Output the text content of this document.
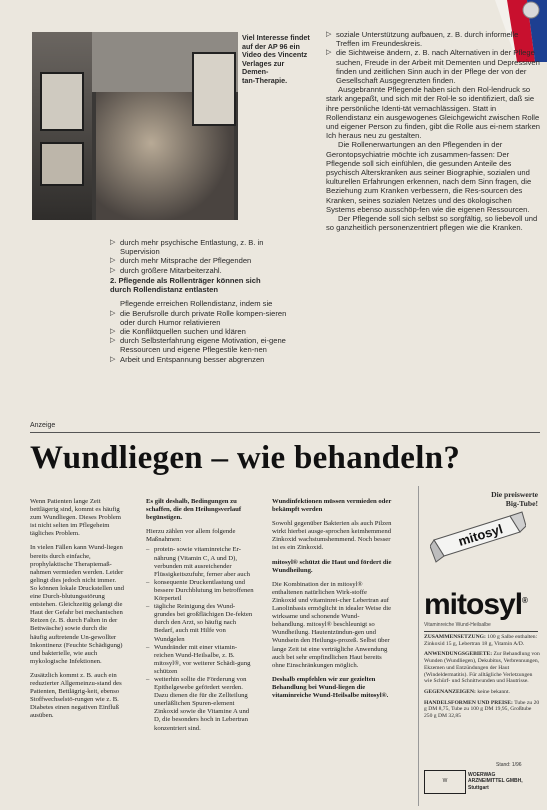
Viel Interesse findet

auf der AP 96 ein

Video des Vincentz

Verlages zur Demen-

tan-Therapie.

▷ durch mehr psychische Entlastung, z. B. in Supervision

▷ durch mehr Mitsprache der Pflegenden

▷ durch größere Mitarbeiterzahl.

2. Pflegende als Rollenträger können sich

durch Rollendistanz entlasten

Pflegende erreichen Rollendistanz, indem sie

▷ die Berufsrolle durch private Rolle kompen-sieren oder durch Humor relativieren

▷ die Konfliktquellen suchen und klären

▷ durch Selbsterfahrung eigene Motivation, ei-gene Ressourcen und eigene Pflegestile ken-nen

▷ Arbeit und Entspannung besser abgrenzen

▷ soziale Unterstützung aufbauen, z. B. durch informelle Treffen im Freundeskreis.

▷ die Sichtweise ändern, z. B. nach Alternativen in der Pflege suchen, Freude in der Arbeit mit Dementen und Depressiven finden und zeitlichen Sinn auch in der Pflege der von der Gesellschaft Ausgegrenzten finden.

Ausgebrannte Pflegende haben sich den Rol-lendruck so stark angepaßt, und sich mit der Rol-le so identifiziert, daß sie ihre persönliche Identi-tät vernachlässigen. Statt in Rollendistanz ein ausgewogenes Gleichgewicht zwischen Rolle und eigener Person zu finden, gibt die Rolle aus ei-nem starken Ich heraus neu zu gestalten.

Die Rollenerwartungen an den Pflegenden in der Gerontopsychiatrie möchte ich zusammen-fassen: Der Pflegende soll sich einfühlen, die gesunden Anteile des psychisch Alterskranken aus seiner Biographie, sozialen und kulturellen Erfahrungen erkennen, nach dem Sinn fragen, die Beziehung zum Kranken verbessern, die Res-sourcen des Kranken, seines sozialen Netzes und des ökologischen Systems ebenso ausschöp-fen wie die eigenen Ressourcen.

Der Pflegende soll sich selbst so sorgfältig, so liebevoll und so ganzheitlich personenzentriert pflegen wie die Kranken.

Anzeige
Wundliegen – wie behandeln?

Wenn Patienten lange Zeit bettlägerig sind, kommt es häufig zum Wundliegen. Dieses Problem ist nicht selten im Pflegeheim tägliches Problem.

In vielen Fällen kann Wund-liegen bereits durch einfache, prophylaktische Therapiemaß-nahmen vermieden werden. Leider gelingt dies jedoch nicht immer. So können lokale Druckstellen und eine Durch-blutungsstörung entstehen. Gleichzeitig gelangt die Haut der Gefahr bei mechanischen Reizen (z. B. durch Falten in der Bettwäsche) sowie durch die häufig auftretende Un-gewollter Inkontinenz (Feuchte Schädigung) und bakterielle, wie auch mykologische Infektionen.

Zusätzlich kommt z. B. auch ein reduzierter Allgemeinzu-stand des Patienten, Bettlägrig-keit, ebenso Stoffwechselstö-rungen wie z. B. Diabetes einen negativen Einfluß ausüben.

Es gilt deshalb, Bedingungen zu schaffen, die den Heilungsverlauf begünstigen.

Hierzu zählen vor allem folgende Maßnahmen:

– protein- sowie vitaminreiche Er-nährung (Vitamin C, A und D), verbunden mit ausreichender Flüssigkeitszufuhr, ferner aber auch
– konsequente Druckentlastung und bessere Durchblutung im betroffenen Körperteil
– tägliche Reinigung des Wund-grundes bei großflächigen De-fekten durch den Arzt, so häufig nach Bedarf, auch mit Hilfe von Wundgelen
– Wundränder mit einer vitamin-reichen Wund-Heilsalbe, z. B. mitosyl®, vor weiterer Schädi-gung schützen
– weiterhin sollte die Förderung von Epithelgewebe gefördert werden. Dazu dienen die für die Zellteilung unerläßlichen Spuren-element Zinkoxid sowie die Vitamine A und D, die besonders hoch in Lebertran konzentriert sind.

Wundinfektionen müssen vermieden oder bekämpft werden

Sowohl gegenüber Bakterien als auch Pilzen wirkt hierbei ausge-sprochen keimhemmend Zinkoxid wachstumshemmend. Noch besser ist es ein Zinkoxid.

mitosyl® schützt die Haut und fördert die Wundheilung.

Die Kombination der in mitosyl® enthaltenen natürlichen Wirk-stoffe Zinkoxid und vitaminrei-cher Lebertran auf Lanolinbasis ermöglicht in idealer Weise die wirksame und schonende Wund-behandlung. mitosyl® beschleunigt so Wundheilung. Hautentzündun-gen und Wundsein den Heilungs-prozeß. Selbst über lange Zeit ist eine verträgliche Anwendung auch bei sehr empfindlichen Haut bereits ohne Einschränkungen möglich.

Deshalb empfehlen wir zur gezielten Behandlung bei Wund-liegen die vitaminreiche Wund-Heilsalbe mitosyl®.

Die preiswerte
Big-Tube!
mitosyl
mitosyl®
Vitaminreiche Wund-Heilsalbe

ZUSAMMENSETZUNG: 100 g Salbe enthalten: Zinkoxid 15 g, Lebertran 18 g, Vitamin A/D.

ANWENDUNGSGEBIETE: Zur Behandlung von Wunden (Wundliegen), Dekubitus, Verbrennungen, Ekzemen und Entzündungen der Haut (Windeldermatitis). Für alltägliche Verletzungen wie Schürf- und Schnittwunden und Hautrisse.

GEGENANZEIGEN: keine bekannt.

HANDELSFORMEN UND PREISE: Tube zu 20 g DM 8,75, Tube zu 100 g DM 19,95, Großtube 250 g DM 32,85

Stand: 1/96
W
WOERWAG
ARZNEIMITTEL GMBH, Stuttgart
